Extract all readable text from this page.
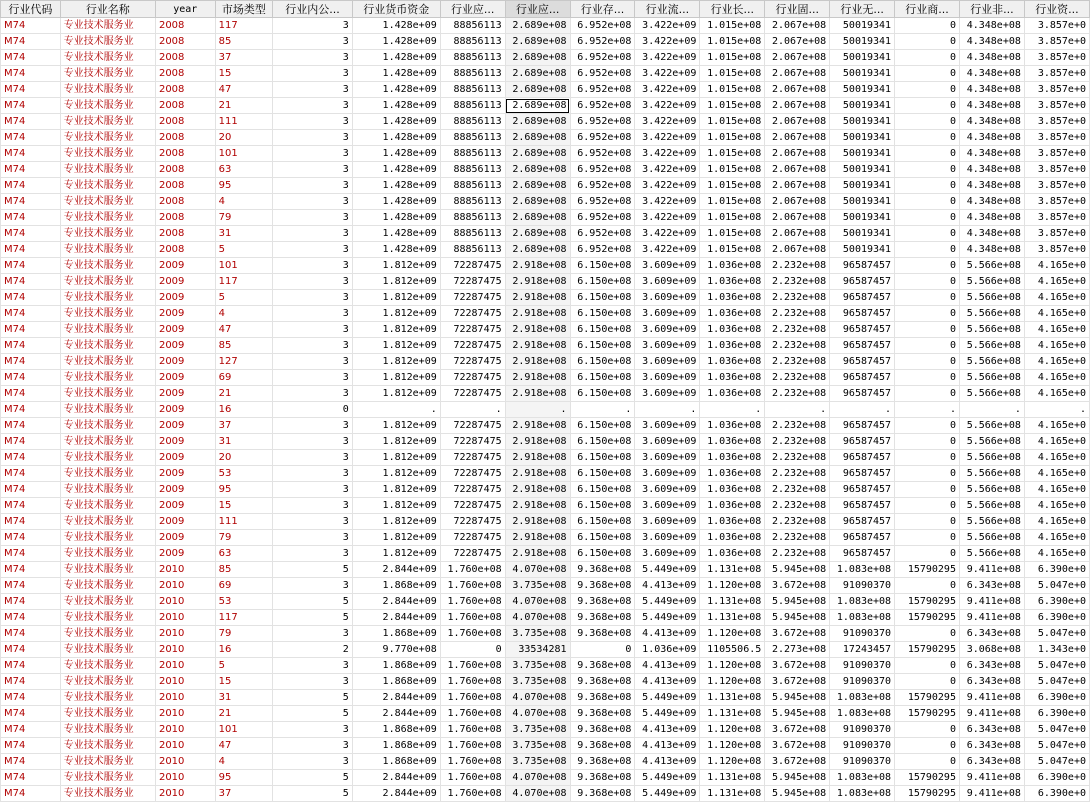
行业代码	行业名称	year	市场类型	行业内公...	行业货币资金	行业应...	行业应...	行业存...	行业流...	行业长...	行业固...	行业无...	行业商...	行业非...	行业资...
M74	专业技术服务业	2008	117	3	1.428e+09	88856113	2.689e+08	6.952e+08	3.422e+09	1.015e+08	2.067e+08	50019341	0	4.348e+08	3.857e+0
M74	专业技术服务业	2008	85	3	1.428e+09	88856113	2.689e+08	6.952e+08	3.422e+09	1.015e+08	2.067e+08	50019341	0	4.348e+08	3.857e+0
M74	专业技术服务业	2008	37	3	1.428e+09	88856113	2.689e+08	6.952e+08	3.422e+09	1.015e+08	2.067e+08	50019341	0	4.348e+08	3.857e+0
M74	专业技术服务业	2008	15	3	1.428e+09	88856113	2.689e+08	6.952e+08	3.422e+09	1.015e+08	2.067e+08	50019341	0	4.348e+08	3.857e+0
M74	专业技术服务业	2008	47	3	1.428e+09	88856113	2.689e+08	6.952e+08	3.422e+09	1.015e+08	2.067e+08	50019341	0	4.348e+08	3.857e+0
M74	专业技术服务业	2008	21	3	1.428e+09	88856113	2.689e+08	6.952e+08	3.422e+09	1.015e+08	2.067e+08	50019341	0	4.348e+08	3.857e+0
M74	专业技术服务业	2008	111	3	1.428e+09	88856113	2.689e+08	6.952e+08	3.422e+09	1.015e+08	2.067e+08	50019341	0	4.348e+08	3.857e+0
M74	专业技术服务业	2008	20	3	1.428e+09	88856113	2.689e+08	6.952e+08	3.422e+09	1.015e+08	2.067e+08	50019341	0	4.348e+08	3.857e+0
M74	专业技术服务业	2008	101	3	1.428e+09	88856113	2.689e+08	6.952e+08	3.422e+09	1.015e+08	2.067e+08	50019341	0	4.348e+08	3.857e+0
M74	专业技术服务业	2008	63	3	1.428e+09	88856113	2.689e+08	6.952e+08	3.422e+09	1.015e+08	2.067e+08	50019341	0	4.348e+08	3.857e+0
M74	专业技术服务业	2008	95	3	1.428e+09	88856113	2.689e+08	6.952e+08	3.422e+09	1.015e+08	2.067e+08	50019341	0	4.348e+08	3.857e+0
M74	专业技术服务业	2008	4	3	1.428e+09	88856113	2.689e+08	6.952e+08	3.422e+09	1.015e+08	2.067e+08	50019341	0	4.348e+08	3.857e+0
M74	专业技术服务业	2008	79	3	1.428e+09	88856113	2.689e+08	6.952e+08	3.422e+09	1.015e+08	2.067e+08	50019341	0	4.348e+08	3.857e+0
M74	专业技术服务业	2008	31	3	1.428e+09	88856113	2.689e+08	6.952e+08	3.422e+09	1.015e+08	2.067e+08	50019341	0	4.348e+08	3.857e+0
M74	专业技术服务业	2008	5	3	1.428e+09	88856113	2.689e+08	6.952e+08	3.422e+09	1.015e+08	2.067e+08	50019341	0	4.348e+08	3.857e+0
M74	专业技术服务业	2009	101	3	1.812e+09	72287475	2.918e+08	6.150e+08	3.609e+09	1.036e+08	2.232e+08	96587457	0	5.566e+08	4.165e+0
M74	专业技术服务业	2009	117	3	1.812e+09	72287475	2.918e+08	6.150e+08	3.609e+09	1.036e+08	2.232e+08	96587457	0	5.566e+08	4.165e+0
M74	专业技术服务业	2009	5	3	1.812e+09	72287475	2.918e+08	6.150e+08	3.609e+09	1.036e+08	2.232e+08	96587457	0	5.566e+08	4.165e+0
M74	专业技术服务业	2009	4	3	1.812e+09	72287475	2.918e+08	6.150e+08	3.609e+09	1.036e+08	2.232e+08	96587457	0	5.566e+08	4.165e+0
M74	专业技术服务业	2009	47	3	1.812e+09	72287475	2.918e+08	6.150e+08	3.609e+09	1.036e+08	2.232e+08	96587457	0	5.566e+08	4.165e+0
M74	专业技术服务业	2009	85	3	1.812e+09	72287475	2.918e+08	6.150e+08	3.609e+09	1.036e+08	2.232e+08	96587457	0	5.566e+08	4.165e+0
M74	专业技术服务业	2009	127	3	1.812e+09	72287475	2.918e+08	6.150e+08	3.609e+09	1.036e+08	2.232e+08	96587457	0	5.566e+08	4.165e+0
M74	专业技术服务业	2009	69	3	1.812e+09	72287475	2.918e+08	6.150e+08	3.609e+09	1.036e+08	2.232e+08	96587457	0	5.566e+08	4.165e+0
M74	专业技术服务业	2009	21	3	1.812e+09	72287475	2.918e+08	6.150e+08	3.609e+09	1.036e+08	2.232e+08	96587457	0	5.566e+08	4.165e+0
M74	专业技术服务业	2009	16	0	.	.	.	.	.	.	.	.	.	.	.
M74	专业技术服务业	2009	37	3	1.812e+09	72287475	2.918e+08	6.150e+08	3.609e+09	1.036e+08	2.232e+08	96587457	0	5.566e+08	4.165e+0
M74	专业技术服务业	2009	31	3	1.812e+09	72287475	2.918e+08	6.150e+08	3.609e+09	1.036e+08	2.232e+08	96587457	0	5.566e+08	4.165e+0
M74	专业技术服务业	2009	20	3	1.812e+09	72287475	2.918e+08	6.150e+08	3.609e+09	1.036e+08	2.232e+08	96587457	0	5.566e+08	4.165e+0
M74	专业技术服务业	2009	53	3	1.812e+09	72287475	2.918e+08	6.150e+08	3.609e+09	1.036e+08	2.232e+08	96587457	0	5.566e+08	4.165e+0
M74	专业技术服务业	2009	95	3	1.812e+09	72287475	2.918e+08	6.150e+08	3.609e+09	1.036e+08	2.232e+08	96587457	0	5.566e+08	4.165e+0
M74	专业技术服务业	2009	15	3	1.812e+09	72287475	2.918e+08	6.150e+08	3.609e+09	1.036e+08	2.232e+08	96587457	0	5.566e+08	4.165e+0
M74	专业技术服务业	2009	111	3	1.812e+09	72287475	2.918e+08	6.150e+08	3.609e+09	1.036e+08	2.232e+08	96587457	0	5.566e+08	4.165e+0
M74	专业技术服务业	2009	79	3	1.812e+09	72287475	2.918e+08	6.150e+08	3.609e+09	1.036e+08	2.232e+08	96587457	0	5.566e+08	4.165e+0
M74	专业技术服务业	2009	63	3	1.812e+09	72287475	2.918e+08	6.150e+08	3.609e+09	1.036e+08	2.232e+08	96587457	0	5.566e+08	4.165e+0
M74	专业技术服务业	2010	85	5	2.844e+09	1.760e+08	4.070e+08	9.368e+08	5.449e+09	1.131e+08	5.945e+08	1.083e+08	15790295	9.411e+08	6.390e+0
M74	专业技术服务业	2010	69	3	1.868e+09	1.760e+08	3.735e+08	9.368e+08	4.413e+09	1.120e+08	3.672e+08	91090370	0	6.343e+08	5.047e+0
M74	专业技术服务业	2010	53	5	2.844e+09	1.760e+08	4.070e+08	9.368e+08	5.449e+09	1.131e+08	5.945e+08	1.083e+08	15790295	9.411e+08	6.390e+0
M74	专业技术服务业	2010	117	5	2.844e+09	1.760e+08	4.070e+08	9.368e+08	5.449e+09	1.131e+08	5.945e+08	1.083e+08	15790295	9.411e+08	6.390e+0
M74	专业技术服务业	2010	79	3	1.868e+09	1.760e+08	3.735e+08	9.368e+08	4.413e+09	1.120e+08	3.672e+08	91090370	0	6.343e+08	5.047e+0
M74	专业技术服务业	2010	16	2	9.770e+08	0	33534281	0	1.036e+09	1105506.5	2.273e+08	17243457	15790295	3.068e+08	1.343e+0
M74	专业技术服务业	2010	5	3	1.868e+09	1.760e+08	3.735e+08	9.368e+08	4.413e+09	1.120e+08	3.672e+08	91090370	0	6.343e+08	5.047e+0
M74	专业技术服务业	2010	15	3	1.868e+09	1.760e+08	3.735e+08	9.368e+08	4.413e+09	1.120e+08	3.672e+08	91090370	0	6.343e+08	5.047e+0
M74	专业技术服务业	2010	31	5	2.844e+09	1.760e+08	4.070e+08	9.368e+08	5.449e+09	1.131e+08	5.945e+08	1.083e+08	15790295	9.411e+08	6.390e+0
M74	专业技术服务业	2010	21	5	2.844e+09	1.760e+08	4.070e+08	9.368e+08	5.449e+09	1.131e+08	5.945e+08	1.083e+08	15790295	9.411e+08	6.390e+0
M74	专业技术服务业	2010	101	3	1.868e+09	1.760e+08	3.735e+08	9.368e+08	4.413e+09	1.120e+08	3.672e+08	91090370	0	6.343e+08	5.047e+0
M74	专业技术服务业	2010	47	3	1.868e+09	1.760e+08	3.735e+08	9.368e+08	4.413e+09	1.120e+08	3.672e+08	91090370	0	6.343e+08	5.047e+0
M74	专业技术服务业	2010	4	3	1.868e+09	1.760e+08	3.735e+08	9.368e+08	4.413e+09	1.120e+08	3.672e+08	91090370	0	6.343e+08	5.047e+0
M74	专业技术服务业	2010	95	5	2.844e+09	1.760e+08	4.070e+08	9.368e+08	5.449e+09	1.131e+08	5.945e+08	1.083e+08	15790295	9.411e+08	6.390e+0
M74	专业技术服务业	2010	37	5	2.844e+09	1.760e+08	4.070e+08	9.368e+08	5.449e+09	1.131e+08	5.945e+08	1.083e+08	15790295	9.411e+08	6.390e+0
